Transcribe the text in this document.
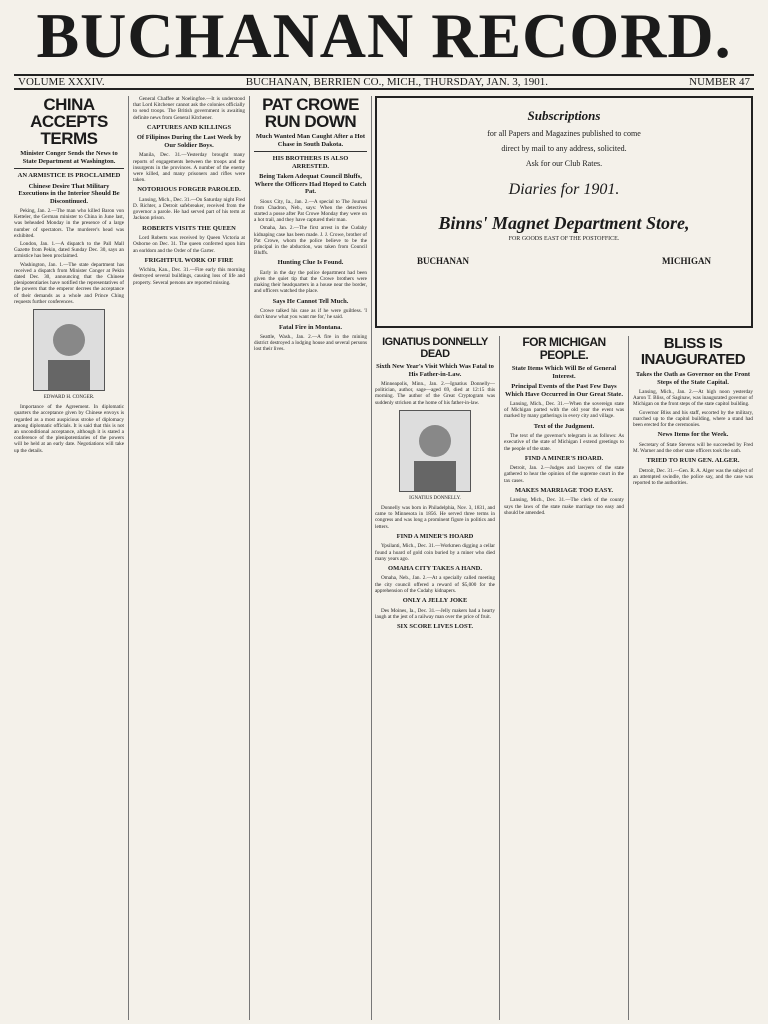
BUCHANAN RECORD.
VOLUME XXXIV.	BUCHANAN, BERRIEN CO., MICH., THURSDAY, JAN. 3, 1901.	NUMBER 47
CHINA ACCEPTS TERMS
Minister Conger Sends the News to State Department at Washington.
AN ARMISTICE IS PROCLAIMED
Chinese Desire That Military Executions in the Interior Should Be Discontinued.

Peking, Jan. 2.—The man who killed Baron von Ketteler, the German minister to China in June last, was beheaded Monday in the presence of a large number of spectators. The murderer's head was exhibited.

London, Jan. 1.—A dispatch to the Pall Mall Gazette from Pekin, dated Sunday Dec. 30, says an armistice has been proclaimed.

Washington, Jan. 1.—The state department has received a dispatch from Minister Conger at Pekin dated Dec. 30, announcing that the Chinese plenipotentiaries have notified the representatives of the powers that the emperor decrees the acceptance of their demands as a whole and Prince Ching requests further conferences.

EDWARD H. CONGER.

Importance of the Agreement. In diplomatic quarters the acceptance given by Chinese envoys is regarded as a most auspicious stroke of diplomacy among diplomatic officials. It is said that this is not an unconditional acceptance, although it is stated a conference of the plenipotentiaries of the powers will be held at an early date. Negotiations will take up the details.

General Chaffee at Noelingfoe.—It is understood that Lord Kitchener cannot ask the colonies officially to send troops. The British government is awaiting definite news from General Kitchener.

CAPTURES AND KILLINGS
Of Filipinos During the Last Week by Our Soldier Boys.

Manila, Dec. 31.—Yesterday brought many reports of engagements between the troops and the insurgents in the provinces. A number of the enemy were killed, and many prisoners and rifles were taken.

NOTORIOUS FORGER PAROLED.

Lansing, Mich., Dec. 31.—On Saturday night Fred D. Richter, a Detroit safebreaker, received from the governor a parole. He had served part of his term at Jackson prison.

ROBERTS VISITS THE QUEEN

Lord Roberts was received by Queen Victoria at Osborne on Dec. 31. The queen conferred upon him an earldom and the Order of the Garter.

FRIGHTFUL WORK OF FIRE

Wichita, Kan., Dec. 31.—Fire early this morning destroyed several buildings, causing loss of life and property. Several persons are reported missing.

PAT CROWE RUN DOWN
Much Wanted Man Caught After a Hot Chase in South Dakota.
HIS BROTHERS IS ALSO ARRESTED.
Being Taken Adequat Council Bluffs, Where the Officers Had Hoped to Catch Pat.

Sioux City, Ia., Jan. 2.—A special to The Journal from Chadron, Neb., says: When the detectives started a posse after Pat Crowe Monday they were on a hot trail, and they have captured their man.

Omaha, Jan. 2.—The first arrest in the Cudahy kidnaping case has been made. J. J. Crowe, brother of Pat Crowe, whom the police believe to be the principal in the abduction, was taken from Council Bluffs.

Hunting Clue Is Found.

Early in the day the police department had been given the quiet tip that the Crowe brothers were making their headquarters in a house near the border, and officers watched the place.

Says He Cannot Tell Much.

Crowe talked his case as if he were guiltless. 'I don't know what you want me for,' he said.

Fatal Fire in Montana.

Seattle, Wash., Jan. 2.—A fire in the mining district destroyed a lodging house and several persons lost their lives.

Subscriptions
for all Papers and Magazines published to come
direct by mail to any address, solicited.
Ask for our Club Rates.
Diaries for 1901.
Binns' Magnet Department Store,
FOR GOODS EAST OF THE POSTOFFICE.
BUCHANAN	MICHIGAN
IGNATIUS DONNELLY DEAD
Sixth New Year's Visit Which Was Fatal to His Father-in-Law.

Minneapolis, Minn., Jan. 2.—Ignatius Donnelly—politician, author, sage—aged 69, died at 12:15 this morning. The author of the Great Cryptogram was suddenly stricken at the home of his father-in-law.

IGNATIUS DONNELLY.

Donnelly was born in Philadelphia, Nov. 3, 1831, and came to Minnesota in 1856. He served three terms in congress and was long a prominent figure in politics and letters.

FIND A MINER'S HOARD

Ypsilanti, Mich., Dec. 31.—Workmen digging a cellar found a hoard of gold coin buried by a miner who died many years ago.

OMAHA CITY TAKES A HAND.

Omaha, Neb., Jan. 2.—At a specially called meeting the city council offered a reward of $5,000 for the apprehension of the Cudahy kidnapers.

ONLY A JELLY JOKE

Des Moines, Ia., Dec. 31.—Jelly makers had a hearty laugh at the jest of a railway man over the price of fruit.

SIX SCORE LIVES LOST.
FOR MICHIGAN PEOPLE.
State Items Which Will Be of General Interest.
Principal Events of the Past Few Days Which Have Occurred in Our Great State.

Lansing, Mich., Dec. 31.—When the sovereign state of Michigan parted with the old year the event was marked by many gatherings in every city and village.

Text of the Judgment.

The text of the governor's telegram is as follows: As executive of the state of Michigan I extend greetings to the people of the state.

FIND A MINER'S HOARD.

Detroit, Jan. 2.—Judges and lawyers of the state gathered to hear the opinion of the supreme court in the tax cases.

MAKES MARRIAGE TOO EASY.

Lansing, Mich., Dec. 31.—The clerk of the county says the laws of the state make marriage too easy and should be amended.

BLISS IS INAUGURATED
Takes the Oath as Governor on the Front Steps of the State Capital.

Lansing, Mich., Jan. 2.—At high noon yesterday Aaron T. Bliss, of Saginaw, was inaugurated governor of Michigan on the front steps of the state capitol building.

Governor Bliss and his staff, escorted by the military, marched up to the capitol building, where a stand had been erected for the ceremonies.

News Items for the Week.

Secretary of State Stevens will be succeeded by Fred M. Warner and the other state officers took the oath.

TRIED TO RUIN GEN. ALGER.

Detroit, Dec. 31.—Gen. R. A. Alger was the subject of an attempted swindle, the police say, and the case was reported to the authorities.
